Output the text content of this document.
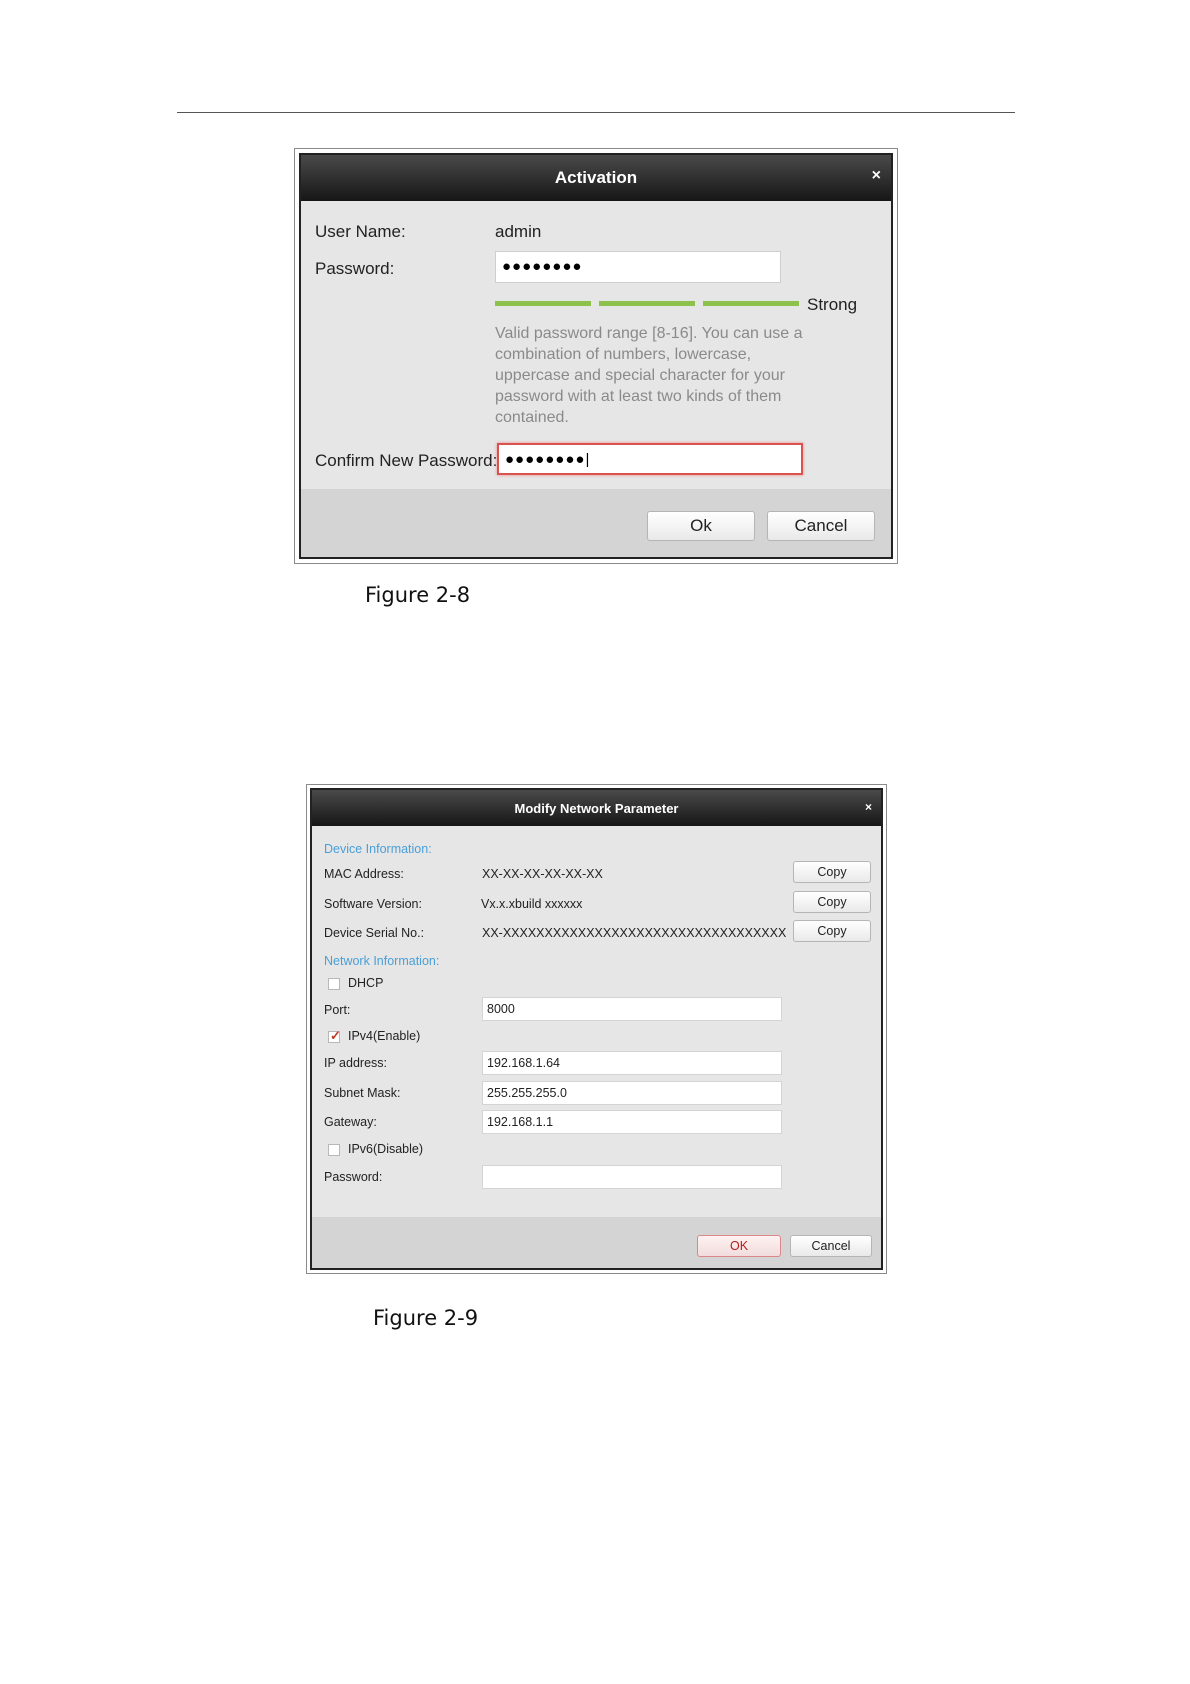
Activation	×
User Name:	admin
Password:	●●●●●●●●
Strong
Valid password range [8-16]. You can use a combination of numbers, lowercase, uppercase and special character for your password with at least two kinds of them contained.
Confirm New Password: ●●●●●●●●|
Ok	Cancel
Figure 2-8
Modify Network Parameter	×
Device Information:
MAC Address:	XX-XX-XX-XX-XX-XX	Copy
Software Version:	Vx.x.xbuild xxxxxx	Copy
Device Serial No.:	XX-XXXXXXXXXXXXXXXXXXXXXXXXXXXXXXXXXX	Copy
Network Information:
DHCP
Port:	8000
✓ IPv4(Enable)
IP address:	192.168.1.64
Subnet Mask:	255.255.255.0
Gateway:	192.168.1.1
IPv6(Disable)
Password:
OK	Cancel
Figure 2-9
